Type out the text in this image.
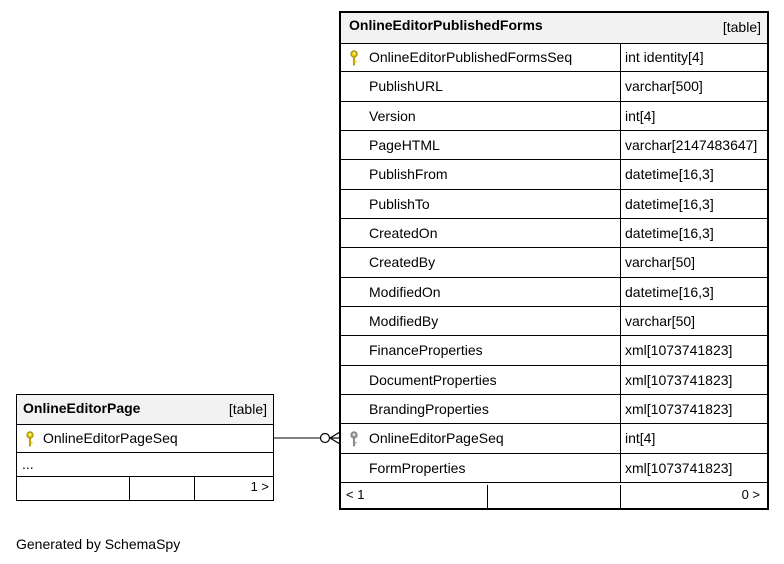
OnlineEditorPublishedForms	[table]
OnlineEditorPublishedFormsSeq	int identity[4]
PublishURL	varchar[500]
Version	int[4]
PageHTML	varchar[2147483647]
PublishFrom	datetime[16,3]
PublishTo	datetime[16,3]
CreatedOn	datetime[16,3]
CreatedBy	varchar[50]
ModifiedOn	datetime[16,3]
ModifiedBy	varchar[50]
FinanceProperties	xml[1073741823]
DocumentProperties	xml[1073741823]
BrandingProperties	xml[1073741823]
OnlineEditorPageSeq	int[4]
FormProperties	xml[1073741823]
< 1	0 >
OnlineEditorPage	[table]
OnlineEditorPageSeq
...
1 >
Generated by SchemaSpy
